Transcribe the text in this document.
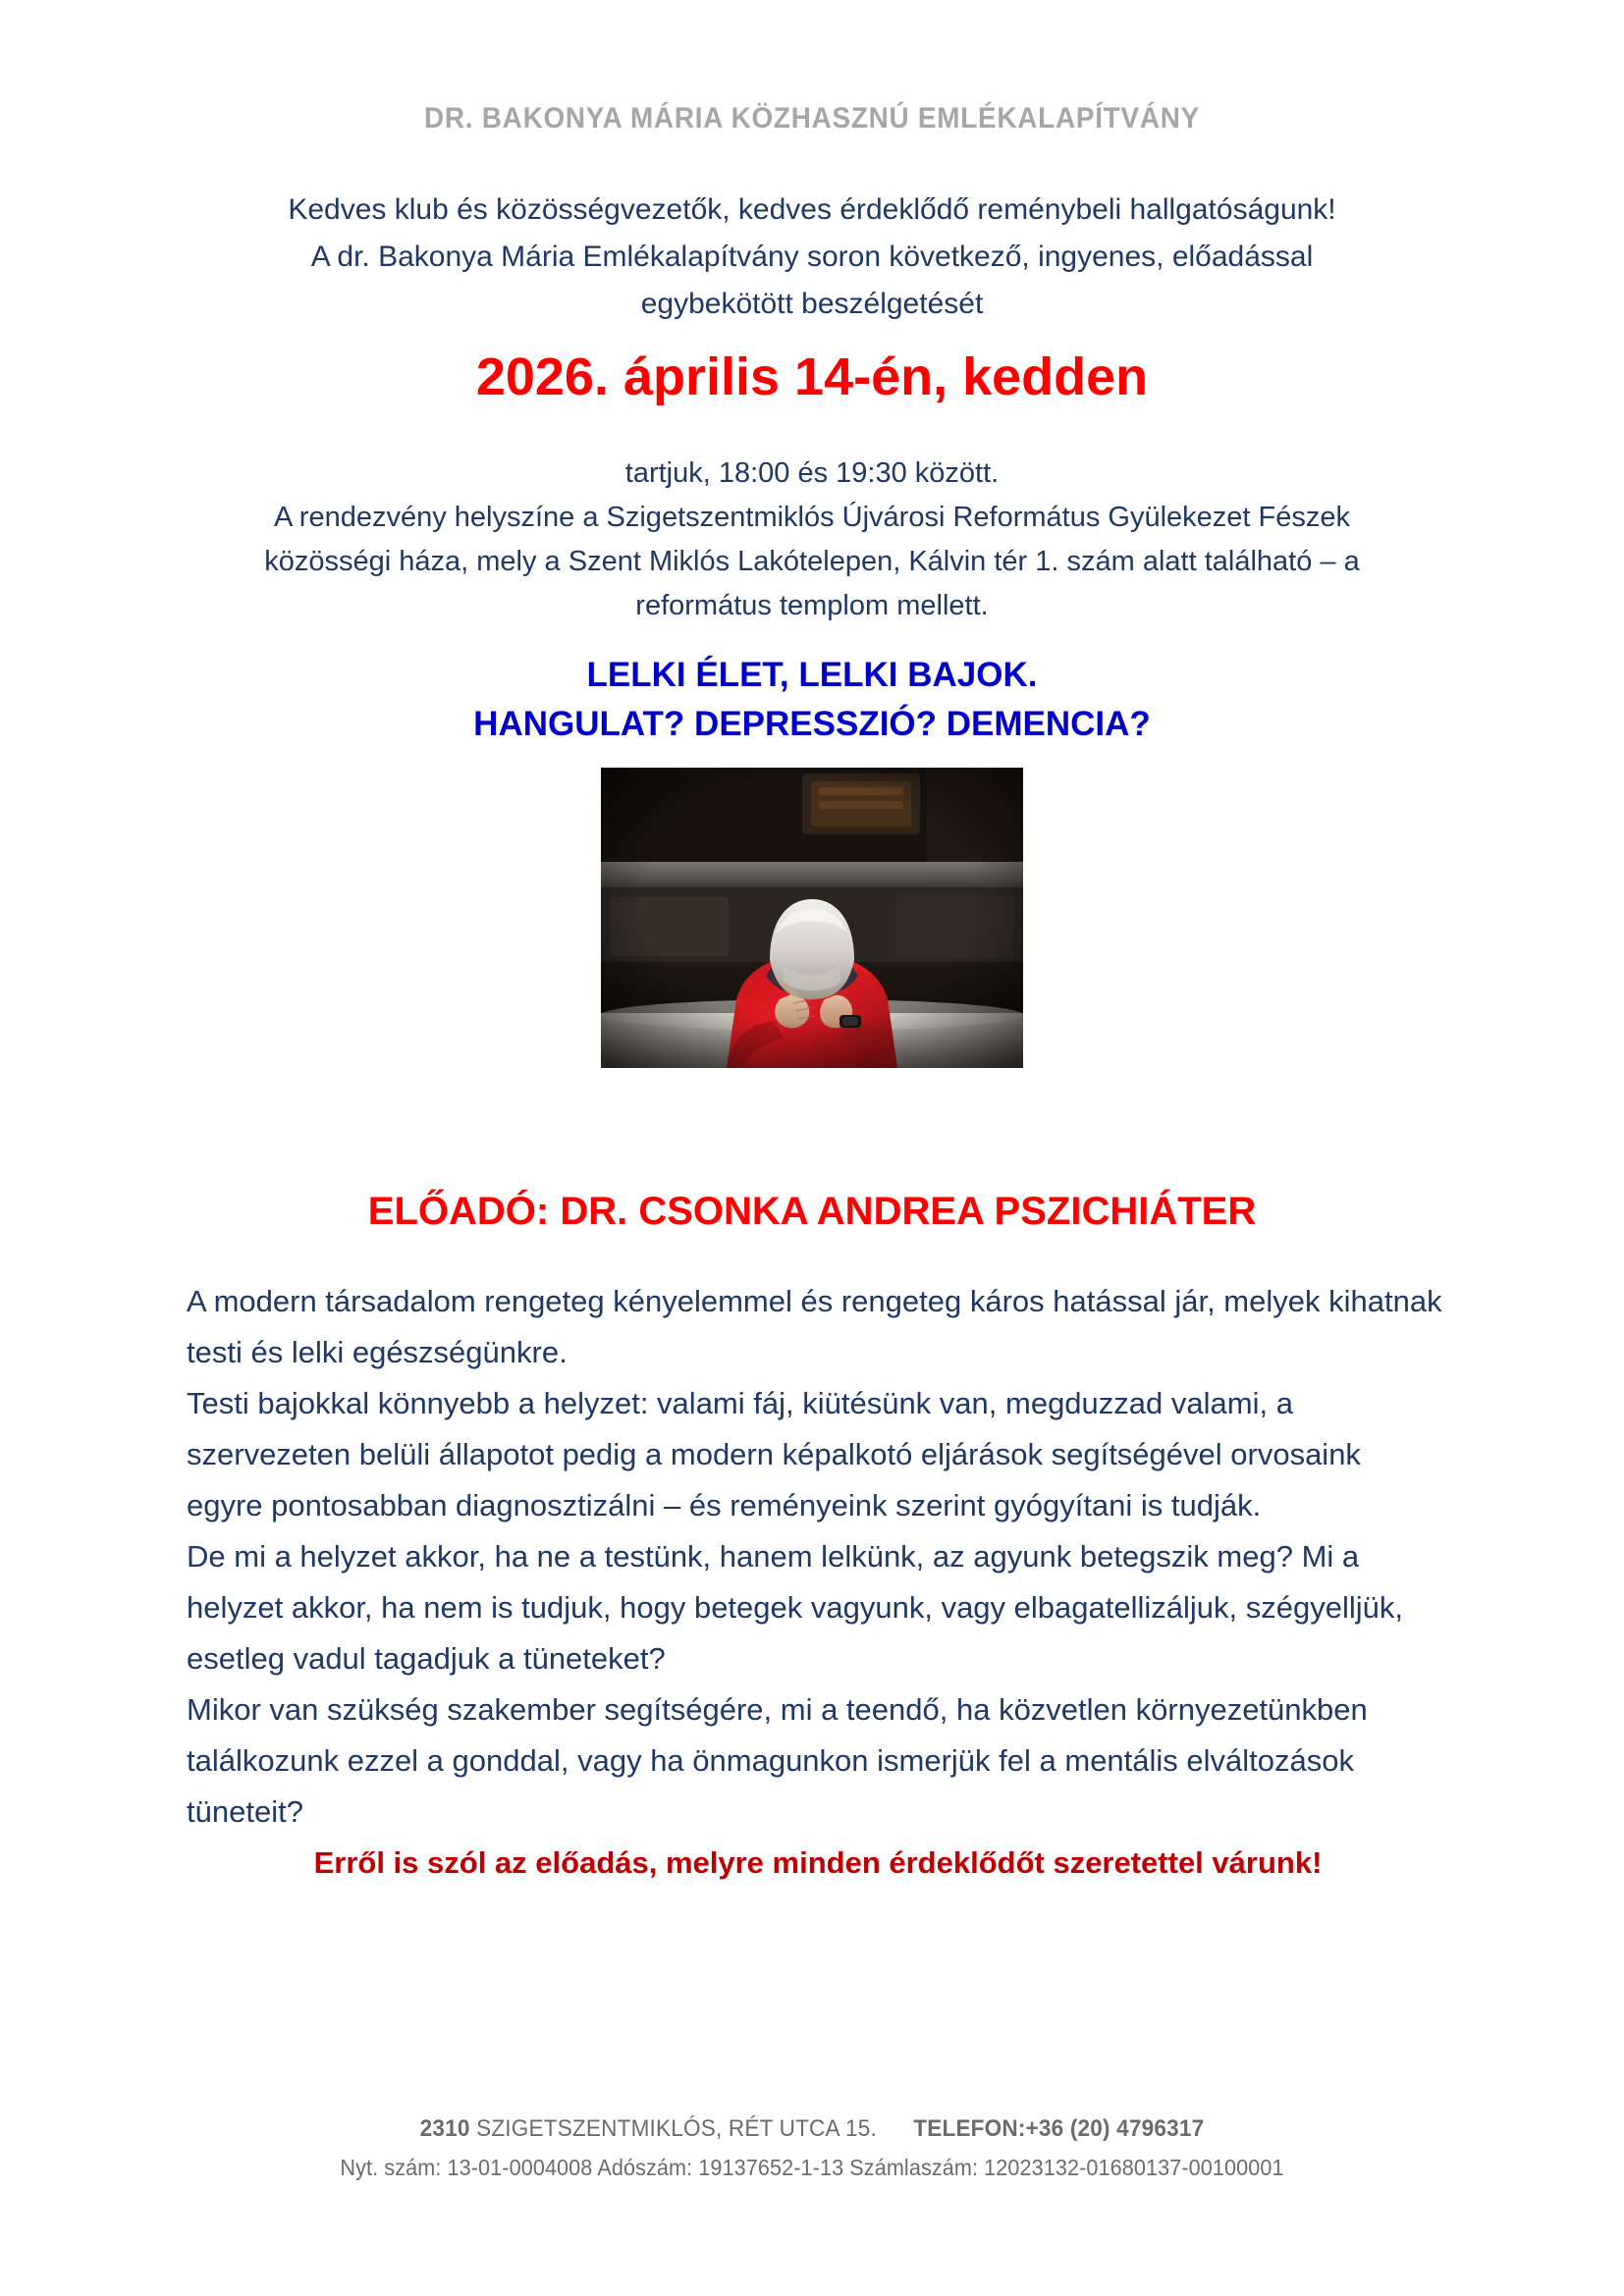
DR. BAKONYA MÁRIA KÖZHASZNÚ EMLÉKALAPÍTVÁNY
Kedves klub és közösségvezetők, kedves érdeklődő reménybeli hallgatóságunk!
A dr. Bakonya Mária Emlékalapítvány soron következő, ingyenes, előadással
egybekötött beszélgetését
2026. április 14-én, kedden
tartjuk, 18:00 és 19:30 között.
A rendezvény helyszíne a Szigetszentmiklós Újvárosi Református Gyülekezet Fészek
közösségi háza, mely a Szent Miklós Lakótelepen, Kálvin tér 1. szám alatt található – a
református templom mellett.
LELKI ÉLET, LELKI BAJOK.
HANGULAT? DEPRESSZIÓ? DEMENCIA?
ELŐADÓ: DR. CSONKA ANDREA PSZICHIÁTER

A modern társadalom rengeteg kényelemmel és rengeteg káros hatással jár, melyek kihatnak testi és lelki egészségünkre.

Testi bajokkal könnyebb a helyzet: valami fáj, kiütésünk van, megduzzad valami, a szervezeten belüli állapotot pedig a modern képalkotó eljárások segítségével orvosaink egyre pontosabban diagnosztizálni – és reményeink szerint gyógyítani is tudják.

De mi a helyzet akkor, ha ne a testünk, hanem lelkünk, az agyunk betegszik meg? Mi a helyzet akkor, ha nem is tudjuk, hogy betegek vagyunk, vagy elbagatellizáljuk, szégyelljük, esetleg vadul tagadjuk a tüneteket?

Mikor van szükség szakember segítségére, mi a teendő, ha közvetlen környezetünkben találkozunk ezzel a gonddal, vagy ha önmagunkon ismerjük fel a mentális elváltozások tüneteit?

Erről is szól az előadás, melyre minden érdeklődőt szeretettel várunk!

2310 SZIGETSZENTMIKLÓS, RÉT UTCA 15. TELEFON:+36 (20) 4796317
Nyt. szám: 13-01-0004008 Adószám: 19137652-1-13 Számlaszám: 12023132-01680137-00100001
